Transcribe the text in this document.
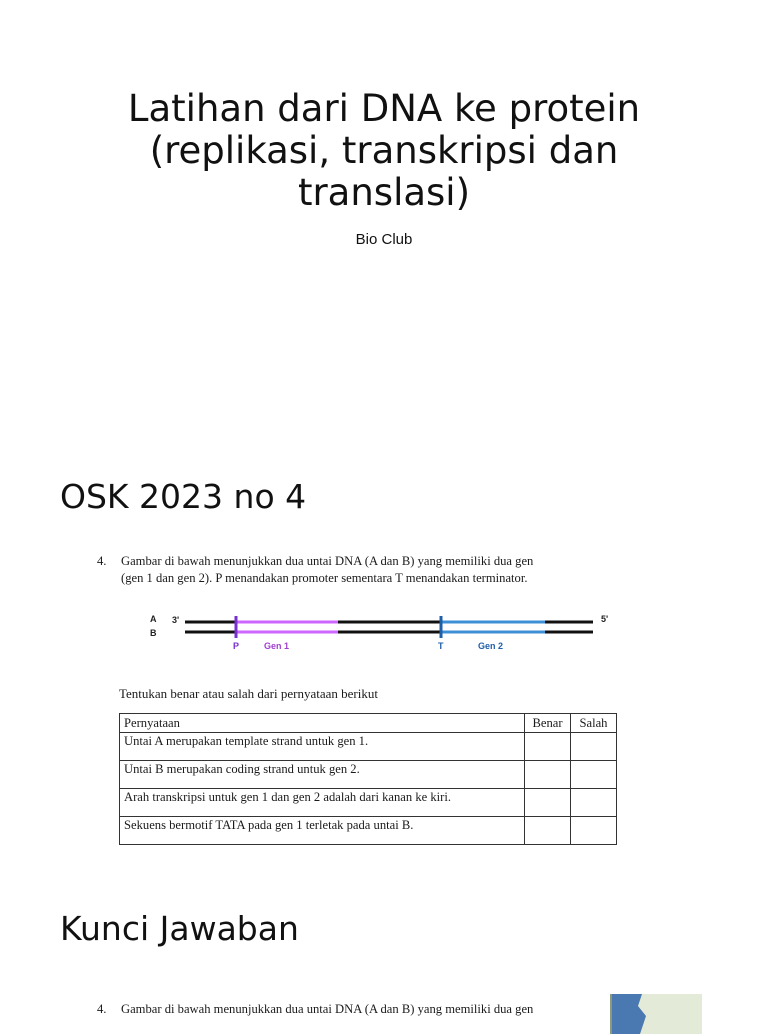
Latihan dari DNA ke protein (replikasi, transkripsi dan translasi)
Bio Club
OSK 2023 no 4
4. Gambar di bawah menunjukkan dua untai DNA (A dan B) yang memiliki dua gen
(gen 1 dan gen 2). P menandakan promoter sementara T menandakan terminator.
A
B
3'	5'
P	Gen 1	T	Gen 2
Tentukan benar atau salah dari pernyataan berikut
Pernyataan	Benar	Salah
Untai A merupakan template strand untuk gen 1.		
Untai B merupakan coding strand untuk gen 2.		
Arah transkripsi untuk gen 1 dan gen 2 adalah dari kanan ke kiri.		
Sekuens bermotif TATA pada gen 1 terletak pada untai B.		
Kunci Jawaban
4. Gambar di bawah menunjukkan dua untai DNA (A dan B) yang memiliki dua gen
